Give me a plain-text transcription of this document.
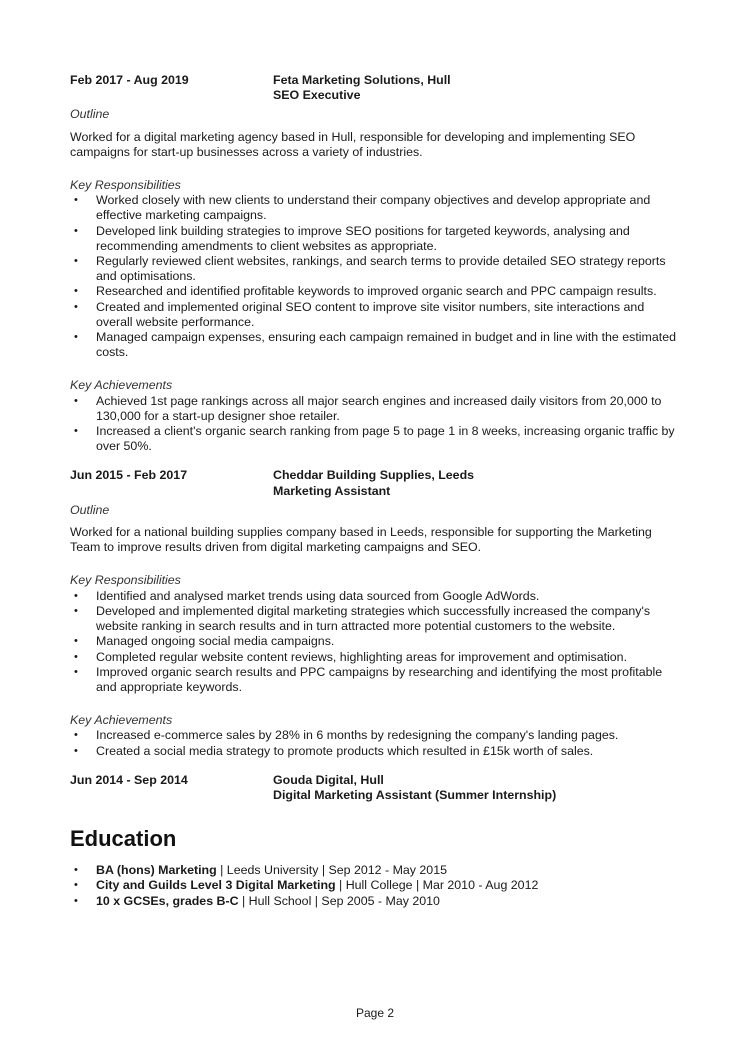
Feb 2017 - Aug 2019	Feta Marketing Solutions, Hull
SEO Executive
Outline
Worked for a digital marketing agency based in Hull, responsible for developing and implementing SEO campaigns for start-up businesses across a variety of industries.
Key Responsibilities
• Worked closely with new clients to understand their company objectives and develop appropriate and effective marketing campaigns.
• Developed link building strategies to improve SEO positions for targeted keywords, analysing and recommending amendments to client websites as appropriate.
• Regularly reviewed client websites, rankings, and search terms to provide detailed SEO strategy reports and optimisations.
• Researched and identified profitable keywords to improved organic search and PPC campaign results.
• Created and implemented original SEO content to improve site visitor numbers, site interactions and overall website performance.
• Managed campaign expenses, ensuring each campaign remained in budget and in line with the estimated costs.
Key Achievements
• Achieved 1st page rankings across all major search engines and increased daily visitors from 20,000 to 130,000 for a start-up designer shoe retailer.
• Increased a client's organic search ranking from page 5 to page 1 in 8 weeks, increasing organic traffic by over 50%.
Jun 2015 - Feb 2017	Cheddar Building Supplies, Leeds
Marketing Assistant
Outline
Worked for a national building supplies company based in Leeds, responsible for supporting the Marketing Team to improve results driven from digital marketing campaigns and SEO.
Key Responsibilities
• Identified and analysed market trends using data sourced from Google AdWords.
• Developed and implemented digital marketing strategies which successfully increased the company's website ranking in search results and in turn attracted more potential customers to the website.
• Managed ongoing social media campaigns.
• Completed regular website content reviews, highlighting areas for improvement and optimisation.
• Improved organic search results and PPC campaigns by researching and identifying the most profitable and appropriate keywords.
Key Achievements
• Increased e-commerce sales by 28% in 6 months by redesigning the company's landing pages.
• Created a social media strategy to promote products which resulted in £15k worth of sales.
Jun 2014 - Sep 2014	Gouda Digital, Hull
Digital Marketing Assistant (Summer Internship)
Education
• BA (hons) Marketing | Leeds University | Sep 2012 - May 2015
• City and Guilds Level 3 Digital Marketing | Hull College | Mar 2010 - Aug 2012
• 10 x GCSEs, grades B-C | Hull School | Sep 2005 - May 2010
Page 2
